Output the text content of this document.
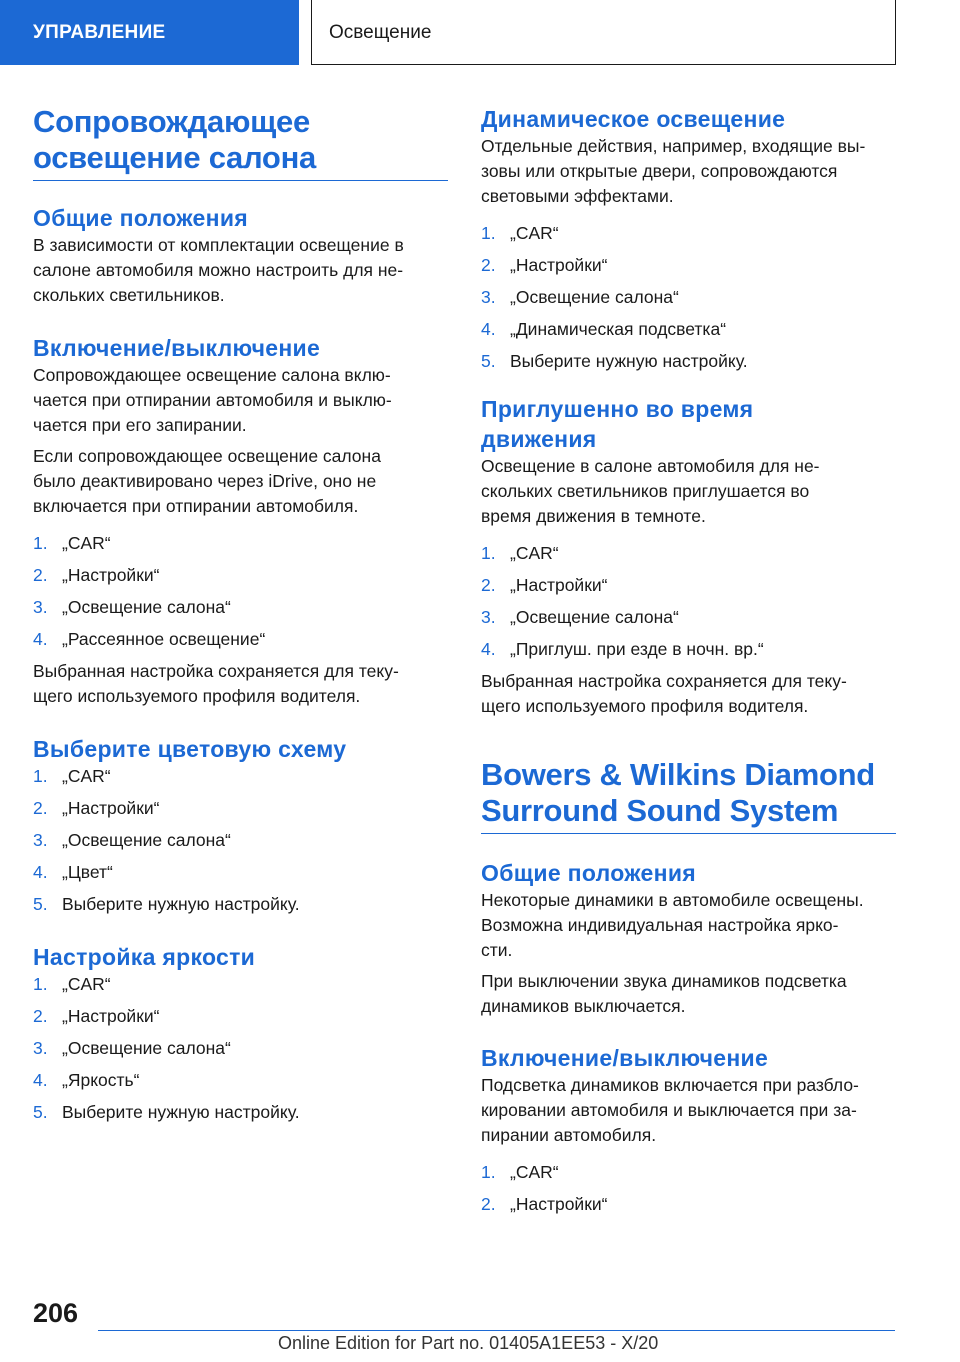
УПРАВЛЕНИЕ	Освещение
Сопровождающее
освещение салона
Общие положения

В зависимости от комплектации освещение в
салоне автомобиля можно настроить для не-
скольких светильников.

Включение/выключение

Сопровождающее освещение салона вклю-
чается при отпирании автомобиля и выклю-
чается при его запирании.

Если сопровождающее освещение салона
было деактивировано через iDrive, оно не
включается при отпирании автомобиля.

1. „CAR“
2. „Настройки“
3. „Освещение салона“
4. „Рассеянное освещение“

Выбранная настройка сохраняется для теку-
щего используемого профиля водителя.

Выберите цветовую схему
1. „CAR“
2. „Настройки“
3. „Освещение салона“
4. „Цвет“
5. Выберите нужную настройку.
Настройка яркости
1. „CAR“
2. „Настройки“
3. „Освещение салона“
4. „Яркость“
5. Выберите нужную настройку.
Динамическое освещение

Отдельные действия, например, входящие вы-
зовы или открытые двери, сопровождаются
световыми эффектами.

1. „CAR“
2. „Настройки“
3. „Освещение салона“
4. „Динамическая подсветка“
5. Выберите нужную настройку.
Приглушенно во время
движения

Освещение в салоне автомобиля для не-
скольких светильников приглушается во
время движения в темноте.

1. „CAR“
2. „Настройки“
3. „Освещение салона“
4. „Приглуш. при езде в ночн. вр.“

Выбранная настройка сохраняется для теку-
щего используемого профиля водителя.

Bowers & Wilkins Diamond
Surround Sound System
Общие положения

Некоторые динамики в автомобиле освещены.
Возможна индивидуальная настройка ярко-
сти.

При выключении звука динамиков подсветка
динамиков выключается.

Включение/выключение

Подсветка динамиков включается при разбло-
кировании автомобиля и выключается при за-
пирании автомобиля.

1. „CAR“
2. „Настройки“
206
Online Edition for Part no. 01405A1EE53 - X/20
